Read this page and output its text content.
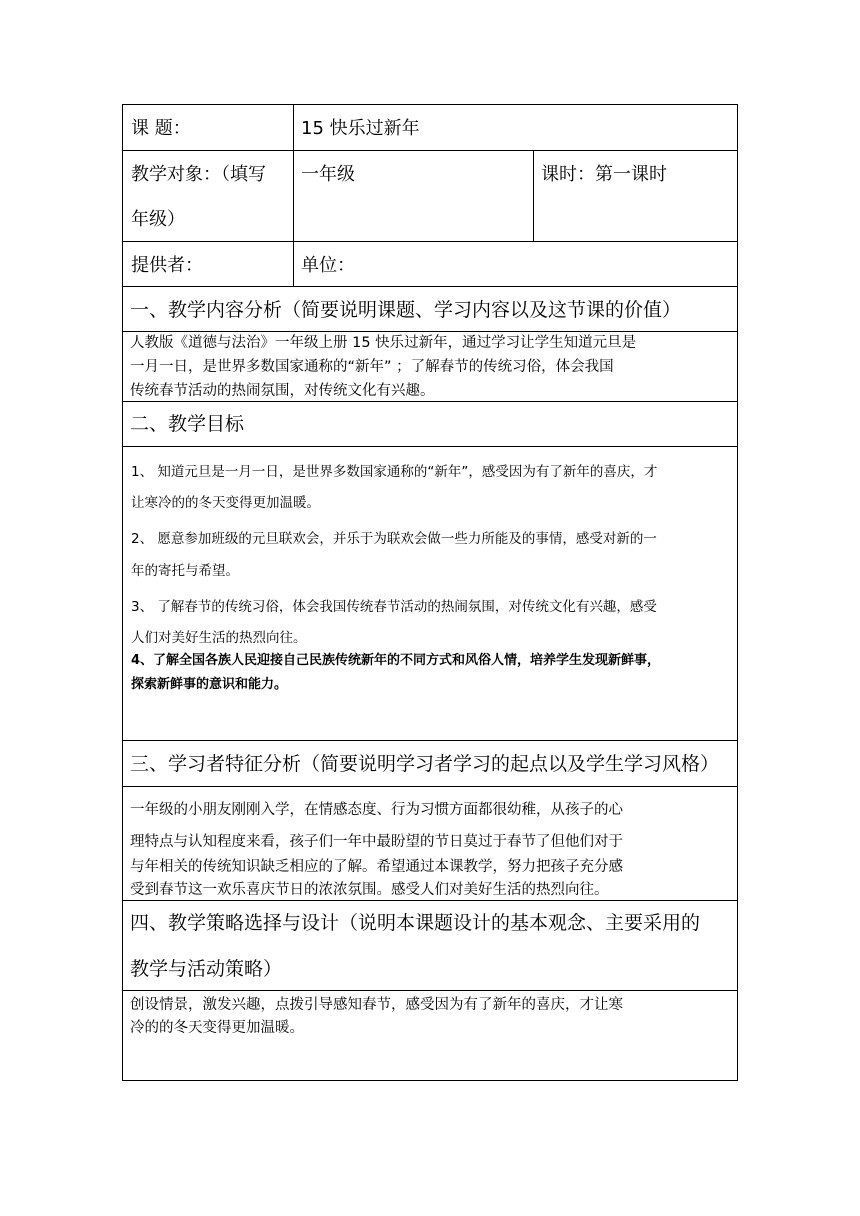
课 题：	15 快乐过新年
教学对象：（填写
年级）
一年级	课时：第一课时
提供者：	单位：
一、教学内容分析（简要说明课题、学习内容以及这节课的价值）
人教版《道德与法治》一年级上册 15 快乐过新年，通过学习让学生知道元旦是
一月一日，是世界多数国家通称的“新年” ；了解春节的传统习俗，体会我国
传统春节活动的热闹氛围，对传统文化有兴趣。
二、教学目标
1、 知道元旦是一月一日，是世界多数国家通称的“新年”，感受因为有了新年的喜庆，才
让寒冷的的冬天变得更加温暖。
2、 愿意参加班级的元旦联欢会，并乐于为联欢会做一些力所能及的事情，感受对新的一
年的寄托与希望。
3、 了解春节的传统习俗，体会我国传统春节活动的热闹氛围，对传统文化有兴趣，感受
人们对美好生活的热烈向往。
4、了解全国各族人民迎接自己民族传统新年的不同方式和风俗人情，培养学生发现新鲜事，
探索新鲜事的意识和能力。
三、学习者特征分析（简要说明学习者学习的起点以及学生学习风格）
一年级的小朋友刚刚入学，在情感态度、行为习惯方面都很幼稚，从孩子的心
理特点与认知程度来看，孩子们一年中最盼望的节日莫过于春节了但他们对于
与年相关的传统知识缺乏相应的了解。希望通过本课教学，努力把孩子充分感
受到春节这一欢乐喜庆节日的浓浓氛围。感受人们对美好生活的热烈向往。
四、教学策略选择与设计（说明本课题设计的基本观念、主要采用的
教学与活动策略）
创设情景，激发兴趣，点拨引导感知春节，感受因为有了新年的喜庆，才让寒
冷的的冬天变得更加温暖。
